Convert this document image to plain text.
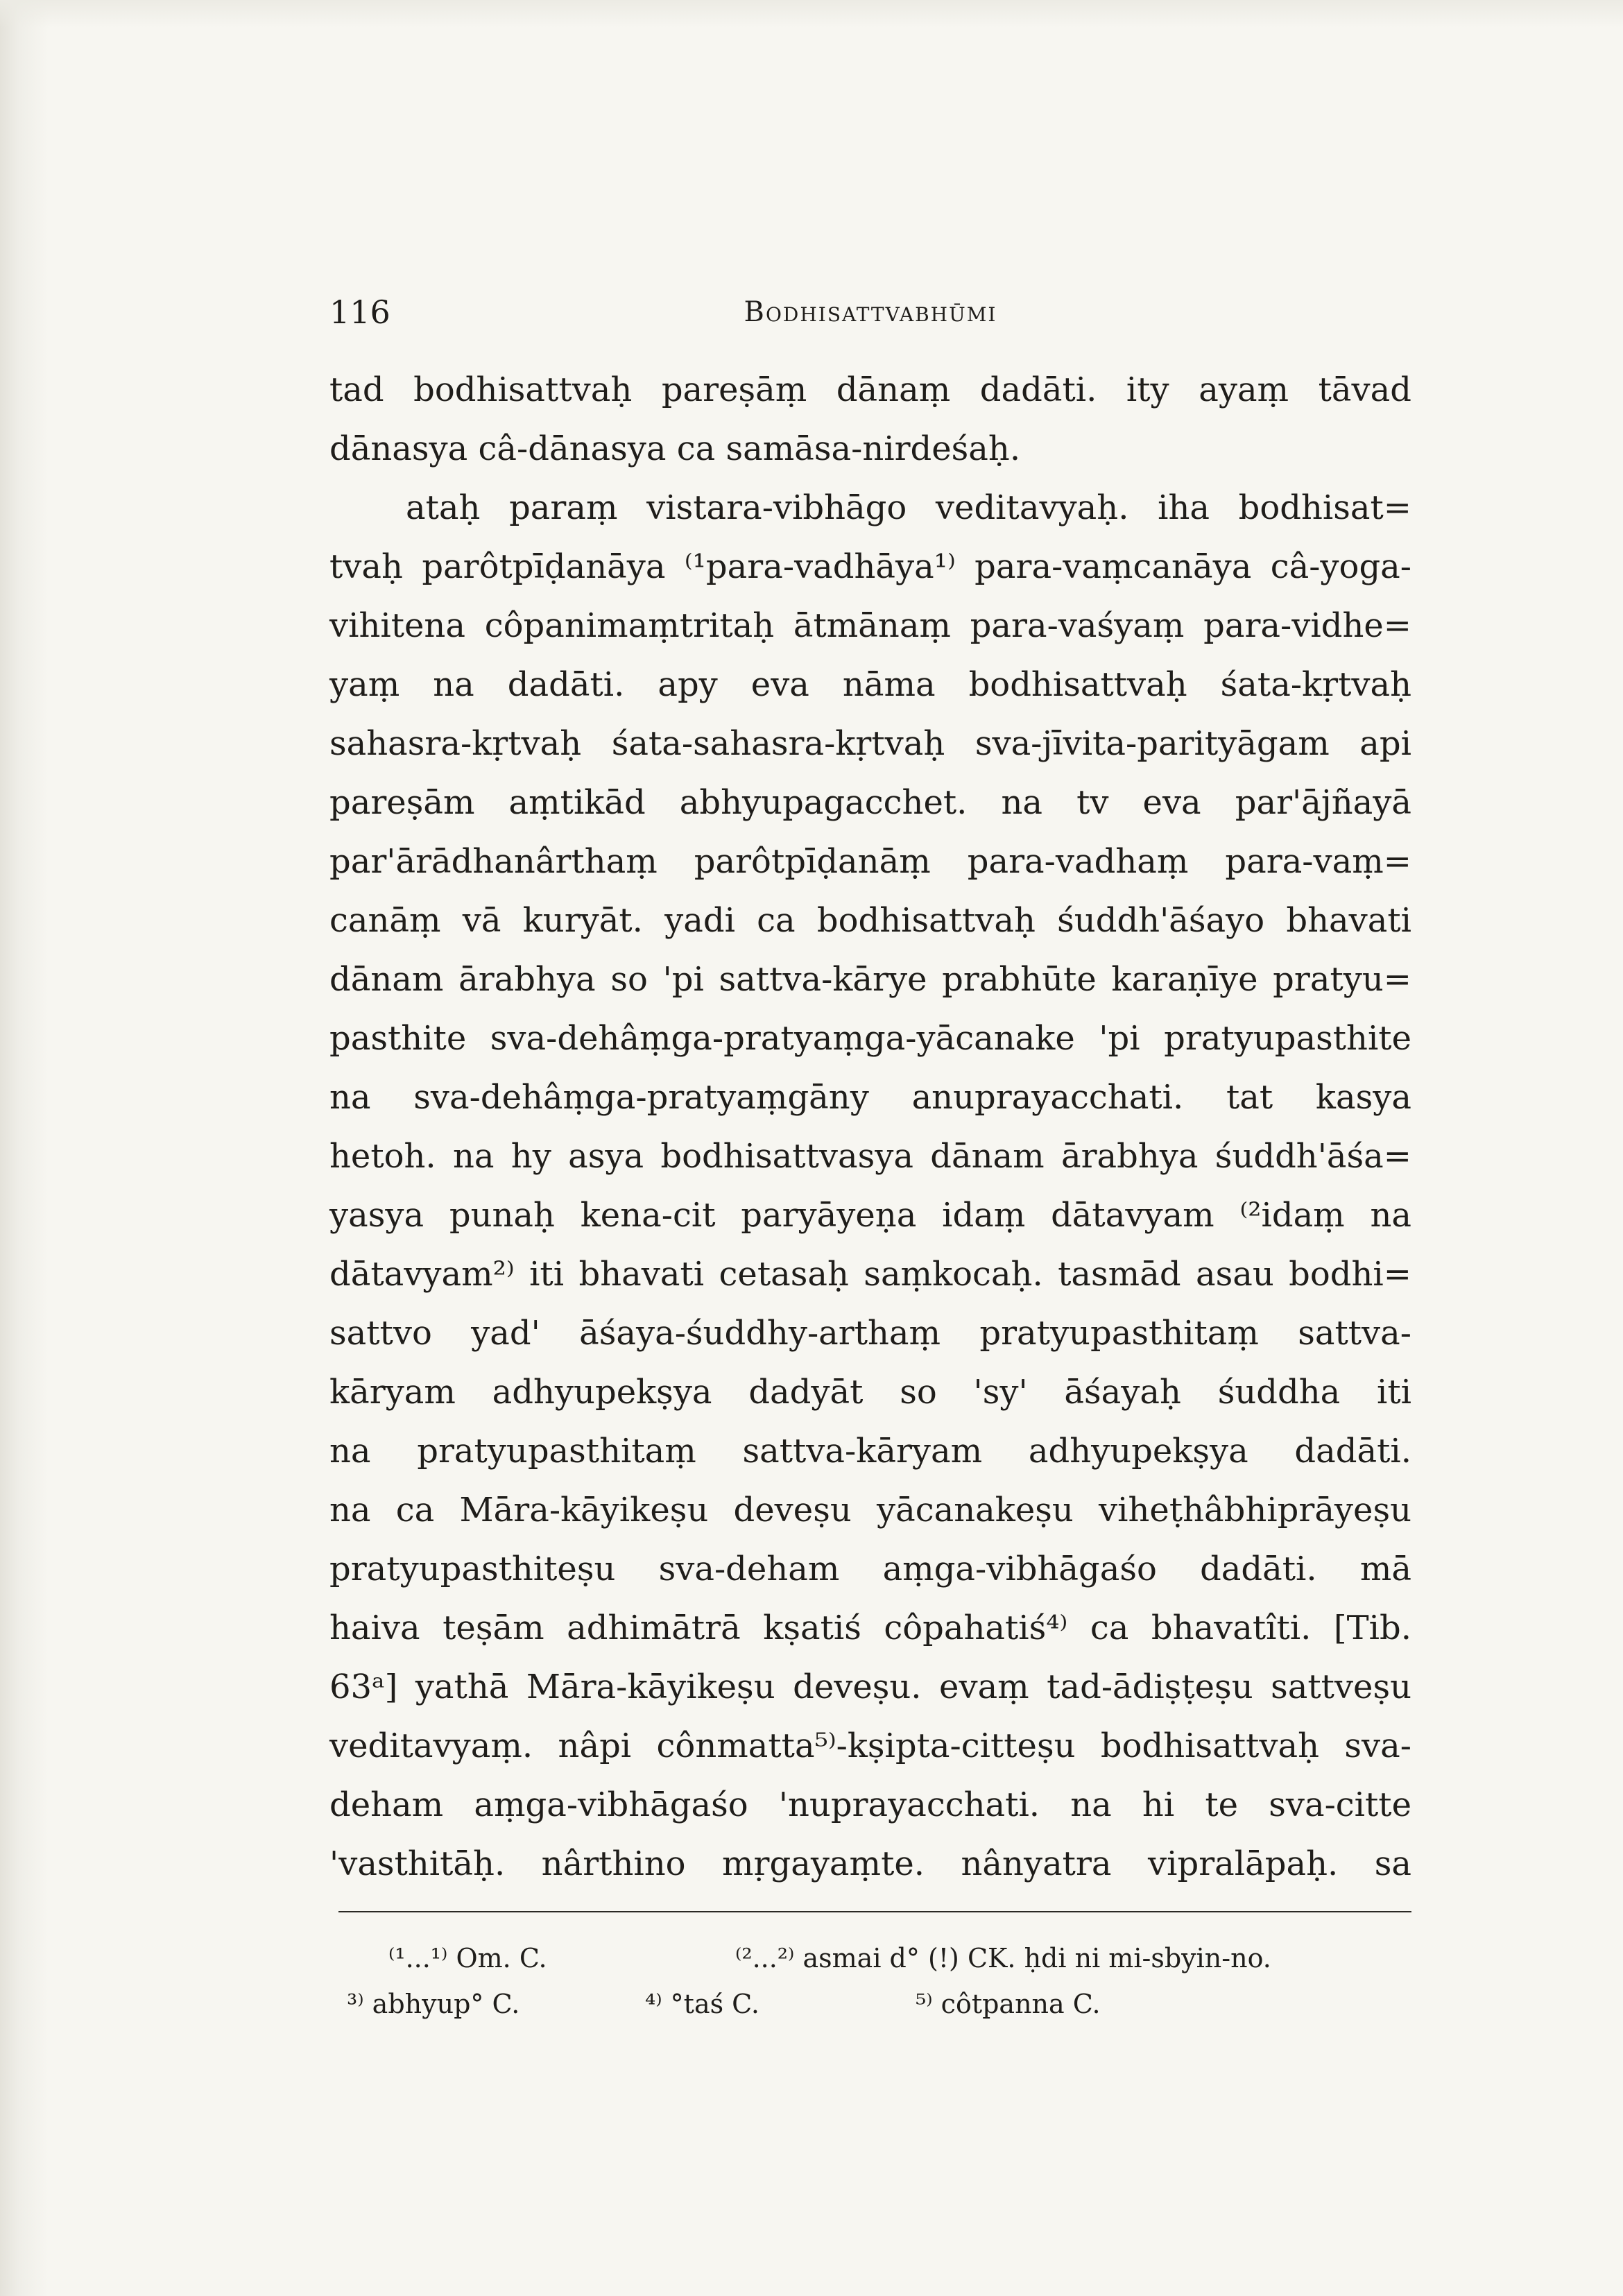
116	Bodhisattvabhūmi
tad bodhisattvaḥ pareṣāṃ dānaṃ dadāti. ity ayaṃ tāvad
dānasya câ-dānasya ca samāsa-nirdeśaḥ.
ataḥ paraṃ vistara-vibhāgo veditavyaḥ. iha bodhisat=
tvaḥ parôtpīḍanāya ⁽¹para-vadhāya¹⁾ para-vaṃcanāya câ-yoga-
vihitena côpanimaṃtritaḥ ātmānaṃ para-vaśyaṃ para-vidhe=
yaṃ na dadāti. apy eva nāma bodhisattvaḥ śata-kṛtvaḥ
sahasra-kṛtvaḥ śata-sahasra-kṛtvaḥ sva-jīvita-parityāgam api
pareṣām aṃtikād abhyupagacchet. na tv eva par'ājñayā
par'ārādhanârthaṃ parôtpīḍanāṃ para-vadhaṃ para-vaṃ=
canāṃ vā kuryāt. yadi ca bodhisattvaḥ śuddh'āśayo bhavati
dānam ārabhya so 'pi sattva-kārye prabhūte karaṇīye pratyu=
pasthite sva-dehâṃga-pratyaṃga-yācanake 'pi pratyupasthite
na sva-dehâṃga-pratyaṃgāny anuprayacchati. tat kasya
hetoh. na hy asya bodhisattvasya dānam ārabhya śuddh'āśa=
yasya punaḥ kena-cit paryāyeṇa idaṃ dātavyam ⁽²idaṃ na
dātavyam²⁾ iti bhavati cetasaḥ saṃkocaḥ. tasmād asau bodhi=
sattvo yad' āśaya-śuddhy-arthaṃ pratyupasthitaṃ sattva-
kāryam adhyupekṣya dadyāt so 'sy' āśayaḥ śuddha iti
na pratyupasthitaṃ sattva-kāryam adhyupekṣya dadāti.
na ca Māra-kāyikeṣu deveṣu yācanakeṣu viheṭhâbhiprāyeṣu
pratyupasthiteṣu sva-deham aṃga-vibhāgaśo dadāti. mā
haiva teṣām adhimātrā kṣatiś côpahatiś⁴⁾ ca bhavatîti. [Tib.
63ᵃ] yathā Māra-kāyikeṣu deveṣu. evaṃ tad-ādiṣṭeṣu sattveṣu
veditavyaṃ. nâpi cônmatta⁵⁾-kṣipta-citteṣu bodhisattvaḥ sva-
deham aṃga-vibhāgaśo 'nuprayacchati. na hi te sva-citte
'vasthitāḥ. nârthino mṛgayaṃte. nânyatra vipralāpaḥ. sa
⁽¹...¹⁾ Om. C.	⁽²...²⁾ asmai d° (!) CK. ḥdi ni mi-sbyin-no.
³⁾ abhyup° C.	⁴⁾ °taś C.	⁵⁾ côtpanna C.
